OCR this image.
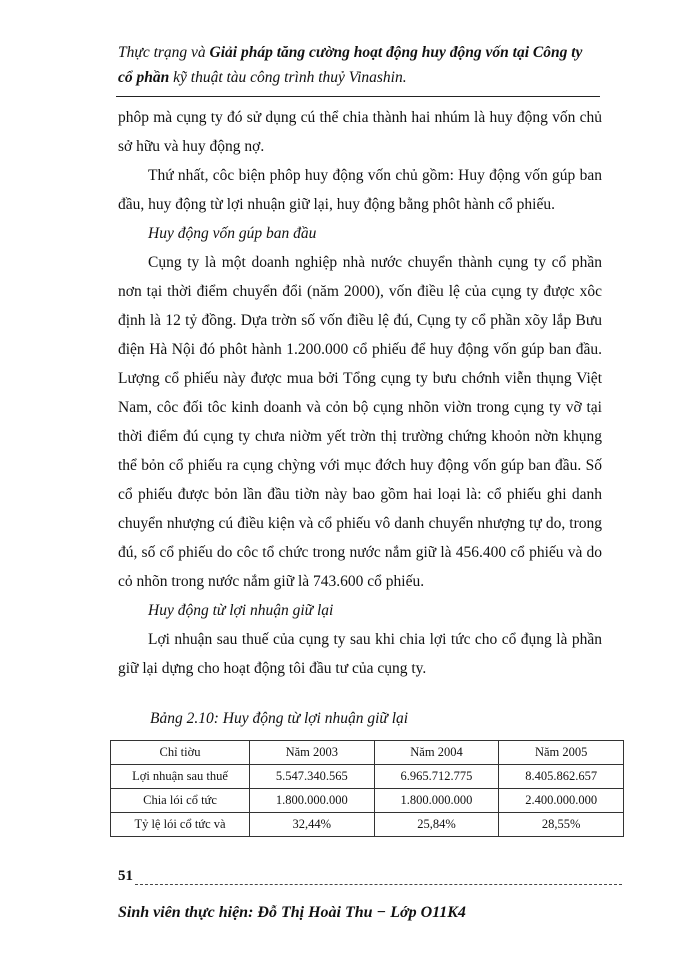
Thực trạng và Giải pháp tăng cường hoạt động huy động vốn tại Công ty cổ phần kỹ thuật tàu công trình thuỷ Vinashin.

phôp mà cụng ty đó sử dụng cú thể chia thành hai nhúm là huy động vốn chủ sở hữu và huy động nợ.

Thứ nhất, côc biện phôp huy động vốn chủ gồm: Huy động vốn gúp ban đầu, huy động từ lợi nhuận giữ lại, huy động bằng phôt hành cổ phiếu.

Huy động vốn gúp ban đầu

Cụng ty là một doanh nghiệp nhà nước chuyển thành cụng ty cổ phần nơn tại thời điểm chuyển đổi (năm 2000), vốn điều lệ của cụng ty được xôc định là 12 tỷ đồng. Dựa trờn số vốn điều lệ đú, Cụng ty cổ phần xõy lắp Bưu điện Hà Nội đó phôt hành 1.200.000 cổ phiếu để huy động vốn gúp ban đầu. Lượng cổ phiếu này được mua bởi Tổng cụng ty bưu chớnh viễn thụng Việt Nam, côc đối tôc kinh doanh và cỏn bộ cụng nhõn viờn trong cụng ty vỡ tại thời điểm đú cụng ty chưa niờm yết trờn thị trường chứng khoỏn nờn khụng thể bỏn cổ phiếu ra cụng chỳng với mục đớch huy động vốn gúp ban đầu. Số cổ phiếu được bỏn lần đầu tiờn này bao gồm hai loại là: cổ phiếu ghi danh chuyển nhượng cú điều kiện và cổ phiếu vô danh chuyển nhượng tự do, trong đú, số cổ phiếu do côc tổ chức trong nước nắm giữ là 456.400 cổ phiếu và do cỏ nhõn trong nước nắm giữ là 743.600 cổ phiếu.

Huy động từ lợi nhuận giữ lại

Lợi nhuận sau thuế của cụng ty sau khi chia lợi tức cho cổ đụng là phần giữ lại dựng cho hoạt động tôi đầu tư của cụng ty.

Bảng 2.10: Huy động từ lợi nhuận giữ lại
Chỉ tiờu	Năm 2003	Năm 2004	Năm 2005
Lợi nhuận sau thuế	5.547.340.565	6.965.712.775	8.405.862.657
Chia lói cổ tức	1.800.000.000	1.800.000.000	2.400.000.000
Tỷ lệ lói cổ tức và	32,44%	25,84%	28,55%
51
Sinh viên thực hiện: Đỗ Thị Hoài Thu − Lớp O11K4
